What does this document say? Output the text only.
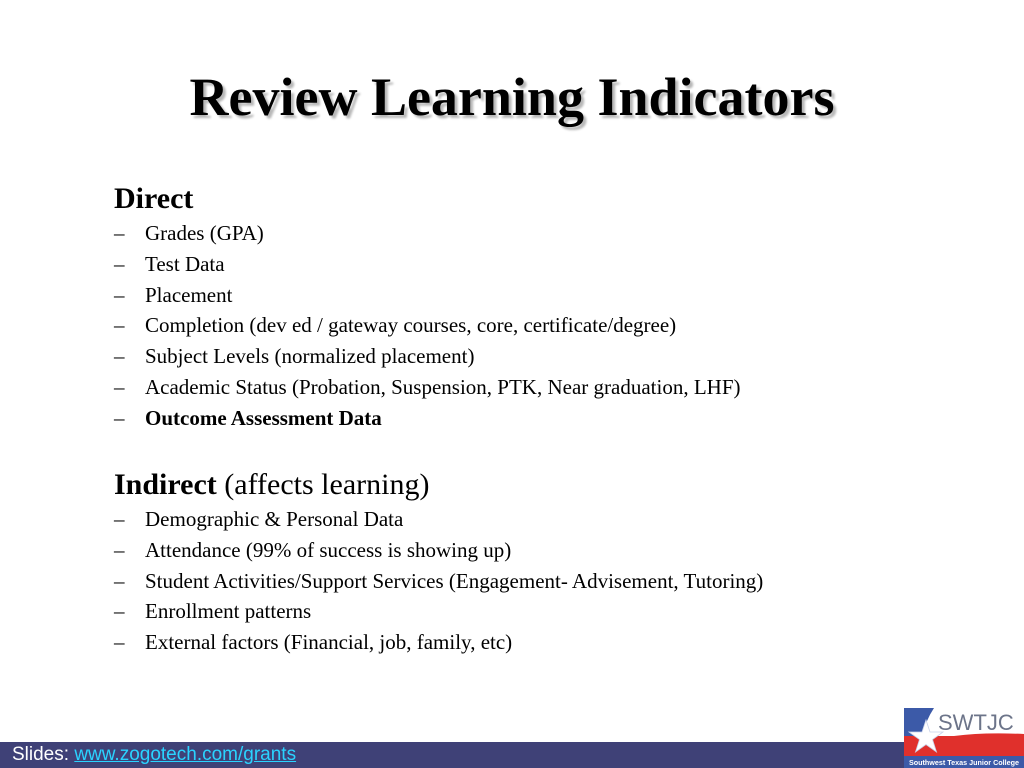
Review Learning Indicators
Direct
– Grades (GPA)
– Test Data
– Placement
– Completion (dev ed / gateway courses, core, certificate/degree)
– Subject Levels (normalized placement)
– Academic Status (Probation, Suspension, PTK, Near graduation, LHF)
– Outcome Assessment Data
Indirect (affects learning)
– Demographic & Personal Data
– Attendance (99% of success is showing up)
– Student Activities/Support Services (Engagement- Advisement, Tutoring)
– Enrollment patterns
– External factors (Financial, job, family, etc)
Slides: www.zogotech.com/grants
SWTJC
Southwest Texas Junior College
